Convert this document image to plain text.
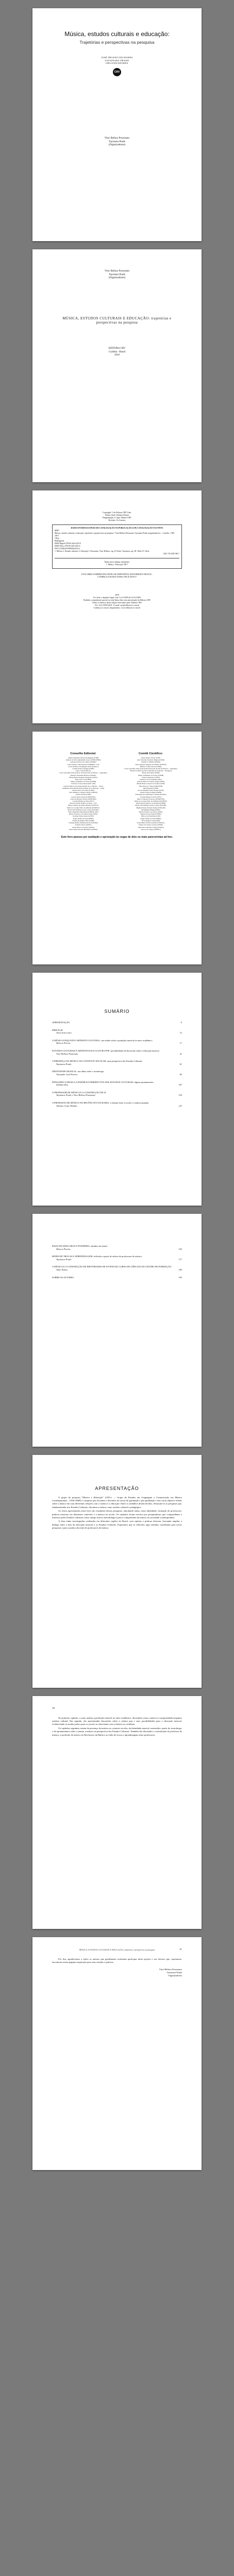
Música, estudos culturais e educação:
Trajetórias e perspectivas na pesquisa
JOSÉ HELENO PALHARES
TAYSINARA PRADO
ORGANIZADORES
CRV
Vitor Bellaca Pezzonato
Taysinara Prado
(Organizadores)
Vitor Bellaca Pezzonato
Taysinara Prado
(Organizadores)
MÚSICA, ESTUDOS CULTURAIS E EDUCAÇÃO: trajetórias e perspectivas na pesquisa
EDITORA CRV
Curitiba - Brasil
2019
Copyright © da Editora CRV Ltda.
Editor-chefe: Railson Moura
Diagramação e Capa: Editora CRV
Revisão: Os Autores
DADOS INTERNACIONAIS DE CATALOGAÇÃO NA PUBLICAÇÃO (CIP) CATALOGAÇÃO NA FONTE
M987
Música, estudos culturais e educação: trajetórias e perspectivas na pesquisa / Vitor Bellaca Pezzonato, Taysinara Prado (organizadores). – Curitiba : CRV, 2019.
198 p.
Bibliografia
ISBN Digital 978-85-444-3219-9
ISBN Físico 978-85-444-3223-6
DOI 10.24824/978854443223.6
1. Música 2. Estudos culturais 3. Educação I. Pezzonato, Vitor Bellaca. org. II. Prado, Taysinara. org. III. Título IV. Série.
CDU 78 CDD 780.7
Índice para catálogo sistemático
1. Música - Educação 780.7
ESTA OBRA TAMBÉM ENCONTRA-SE DISPONÍVEL EM FORMATO DIGITAL.
CONHEÇA E BAIXE NOSSO APLICATIVO!
2019
Foi feito o depósito legal conf. Lei 10.994 de 14/12/2004
Proibida a reprodução parcial ou total desta obra sem autorização da Editora CRV
Todos os direitos desta edição reservados pela: Editora CRV
Tel.: (41) 3039-6418 - E-mail: sac@editoracrv.com.br
Conheça os nossos lançamentos: www.editoracrv.com.br
Conselho Editorial:
Aldira Guimarães Duarte Domínguez (UNB)
Andréia da Silva Quintanilha Sousa (UNIR/UFRN)
Antônio Pereira Gaio Júnior (UFRRJ)
Carlos Alberto Vilar Estêvão (UMINHO – PT)
Carlos Federico Dominguez Avila (Unieuro)
Carmen Tereza Velanga (UNIR)
Celso Conti (UFSCar)
Cesar Gerónimo Tello (Univer. Nacional Três de Febrero – Argentina)
Eduardo Fernandes Barbosa (UFMG)
Elione Maria Nogueira Diogenes (UFAL)
Élsio José Corá (UFFS)
Elizeu Clementino de Souza (UNEB)
Francisco Carlos Duarte (PUC-PR)
Gloria Fariñas León (Universidade de La Havana – Cuba)
Guillermo Arias Beatón (Universidade de La Havana – Cuba)
Jailson Alves dos Santos (UFRJ)
João Adalberto Campato Junior (UNESP)
Josania Portela (UFPI)
Leonel Severo Rocha (UNISINOS)
Lídia de Oliveira Xavier (UNIEURO)
Lourdes Helena da Silva (UFV)
Marcelo Paixão (UFRJ e UTexas – US)
Maria Cristina dos Santos Bezerra (UFSCar)
Maria de Lourdes Pinto de Almeida (UNOESC)
Maria Lília Imbiriba Sousa Colares (UFOPA)
Paulo Romualdo Hernandes (UNIFAL-MG)
Renato Francisco dos Santos Paula (UFG)
Rodrigo Pratte-Santos (UFES)
Sérgio Nunes de Jesus (IFRO)
Simone Rodrigues Pinto (UNB)
Solange Helena Ximenes-Rocha (UFOPA)
Sydione Santos (UEPG)
Tadeu Oliver Gonçalves (UFPA)
Tania Suely Azevedo Brasileiro (UFOPA)
Comitê Científico:
Altair Alberto Fávero (UPF)
Ana Chrystina Venancio Mignot (UERJ)
Andréia N. Militão (UEMS)
Anna Augusta Sampaio de Oliveira (UNESP)
Barbara Coelho Neves (UFBA)
Cesar Gerónimo Tello (Universidad Nacional de Três de Febrero – Argentina)
Diosnel Centurion (Univ Autónoma de Asunción – Paraguai)
Eliane Rose Maio (UEM)
Elizeu Clementino de Souza (UNEB)
Fauston Negreiros (UFPI)
Francisco Ari de Andrade (UFC)
Gláucia Maria dos Santos Jorge (UFOP)
Helder Buenos Aires de Carvalho (UFPI)
Ilma Passos A. Veiga (UNICEUB)
Inês Bragança (UERJ)
José de Ribamar Sousa Pereira (UCB)
Jussara Fraga Portugal (UNEB)
Kilwangy Kya Kapitango-a-Samba (Unemat)
Lourdes Helena da Silva (UFV)
Marcos Vinicius Francisco (UNOESTE)
Maria de Lourdes Pinto de Almeida (UNOESC)
Maria Eurácia Barreto de Andrade (UFRB)
Maria Lília Imbiriba Sousa Colares (UFOPA)
Míghian Danae Ferreira Nunes (UNILAB)
Mohammed Elhajji (UFRJ)
Mônica Pereira dos Santos (UFRJ)
Najela Tavares Ujiie (UTFPR)
Nilson José Machado (USP)
Sérgio Nunes de Jesus (IFRO)
Silvia Regina Canan (URI)
Sonia Maria Ferreira Koehler (UNISAL)
Suzana dos Santos Gomes (UFMG)
Vânia Alves Martins Chaigar (FURG)
Vera Lucia Gaspar (UDESC)
Este livro passou por avaliação e aprovação às cegas de dois ou mais pareceristas ad hoc.
SUMÁRIO
APRESENTAÇÃO	9
PREFÁCIO
Ana Lúcia Louro	13
A MÚSICA ENQUANTO ARTEFATO CULTURAL: um estudo sobre a produção musical no meio acadêmico
Marcos Pereira	17
ESTUDOS CULTURAIS E ARTEFATOS DA CULTURA POP: possibilidades de discussão sobre a educação musical
Vitor Bellaca Pezzonato	41
A PRESENÇA DA MÚSICA NO CONTEXTO ESCOLAR: uma perspectiva dos Estudos Culturais
Taysinara Prado	61
IDENTIDADE MUSICAL: um olhar sobre o tecnobrega
Alexandre José Pereira	85
PENSANDO A MÚSICA A PARTIR DA PERSPECTIVA DOS ESTUDOS CULTURAIS: alguns apontamentos
Zuleika Silva	107
O PROFESSOR DE MÚSICA E A CONSTRUÇÃO DE SI
Taysinara Prado e Vitor Bellaca Pezzonato	129
A PROFISSÃO DE MÚSICO NO RECÔNCAVO DA BAHIA: a relação entre a escola e a música popular
Adriano Cezar Mendes	147
BAILE DE MÁSCARAS E PANDEMIA: atitudes em ensaio
Marcos Pereira	165
REDES DE TROCAS E APRENDIZAGEM: reflexões a partir de relatos de professores de música
Taysinara Prado	177
A MÚSICA E A CONSTRUÇÃO DE IDENTIDADES DE JOVENS DO CURSO DE CIÊNCIAS DO CENTRO DE FORMAÇÃO
Aline Santos	185
SOBRE OS AUTORES	195
APRESENTAÇÃO

O grupo de pesquisa "Música e Educação" (GECe — Grupo de Estudos em Linguagem e Comunicação em Música Contemporânea – UNICAMP) é composto por docentes e discentes de cursos de graduação e pós-graduação e tem como objetivo refletir sobre a música em suas diferentes relações com a cultura e a educação. Entre os trabalhos desenvolvidos, destacam-se as pesquisas que, fundamentadas nos Estudos Culturais, discutem a música como artefato cultural e pedagógico.

Os textos apresentados neste livro são resultados dessas pesquisas, abordando temas como identidade, formação de professores, práticas musicais em diferentes contextos e a música na escola. Os capítulos foram escritos por pesquisadores que compartilham o interesse pelos Estudos Culturais como campo teórico-metodológico para a compreensão da música na sociedade contemporânea.

A obra reúne investigações realizadas em diferentes regiões do Brasil, com sujeitos e práticas diversas, buscando ampliar o diálogo entre a área da educação musical e os Estudos Culturais. Esperamos que as reflexões aqui reunidas contribuam para novas pesquisas e para a prática docente de professores de música.

10

No primeiro capítulo, o autor analisa a produção musical no meio acadêmico, discutindo como a música é compreendida enquanto artefato cultural. Em seguida, são apresentadas discussões sobre a cultura pop e suas possibilidades para a educação musical, evidenciando os modos pelos quais os jovens se relacionam com a música no cotidiano.

Os capítulos seguintes tratam da presença da música no contexto escolar, da identidade musical construída a partir do tecnobrega, e de apontamentos sobre o pensar a música na perspectiva dos Estudos Culturais. Também são discutidos a constituição do professor de música, a profissão de músico no Recôncavo da Bahia e as redes de trocas e aprendizagens entre professores.

MÚSICA, ESTUDOS CULTURAIS E EDUCAÇÃO: trajetórias e perspectivas na pesquisa	11

Por fim, agradecemos a todos os autores que gentilmente aceitaram participar deste projeto e aos leitores que, esperamos, encontrem nestas páginas inspiração para seus estudos e práticas.

Vitor Bellaca Pezzonato
Taysinara Prado
Organizadores
